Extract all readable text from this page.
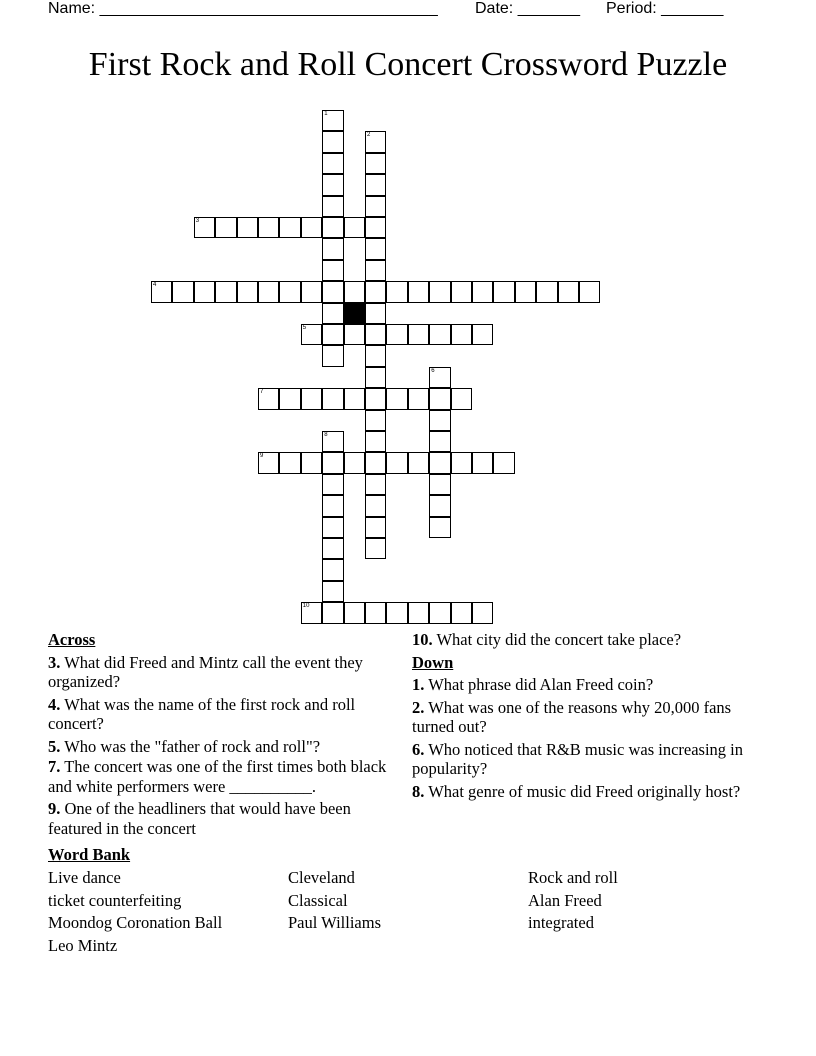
Name: ______________________________________ Date: _______ Period: _______
First Rock and Roll Concert Crossword Puzzle
1
2
3
4
5
6
7
8
9
10
Across
3. What did Freed and Mintz call the event they organized?
4. What was the name of the first rock and roll concert?
5. Who was the "father of rock and roll"?
7. The concert was one of the first times both black and white performers were __________.
9. One of the headliners that would have been featured in the concert
10. What city did the concert take place?
Down
1. What phrase did Alan Freed coin?
2. What was one of the reasons why 20,000 fans turned out?
6. Who noticed that R&B music was increasing in popularity?
8. What genre of music did Freed originally host?
Word Bank
Live dance
ticket counterfeiting
Moondog Coronation Ball
Leo Mintz
Cleveland
Classical
Paul Williams
Rock and roll
Alan Freed
integrated
